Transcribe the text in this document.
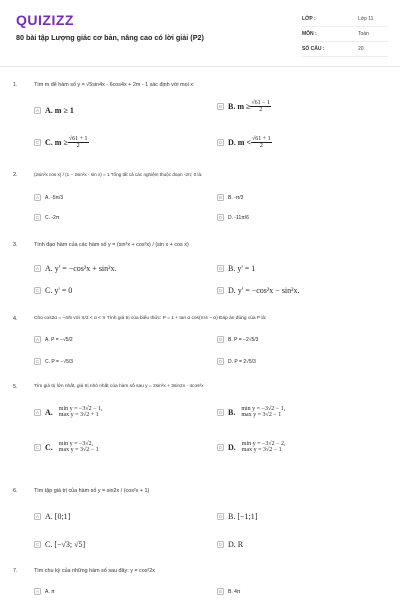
QUIZIZZ
80 bài tập Lượng giác cơ bản, nâng cao có lời giải (P2)
LỚP :	Lớp 11
MÔN :	Toán
SỐ CÂU :	20
1.	Tìm m để hàm số y = √5sin4x - 6cos4x + 2m - 1 xác định với mọi x:
A A. m ≥ 1	B B. $m \ge \frac{√61 - 1}{2}$
C C. $m \ge \frac{√61 + 1}{2}$	D D. $m < \frac{√61 + 1}{2}$
2.	(2sin²x cos x) / (1 − 2sin²x · sin x) = 1 Tổng tất cả các nghiệm thuộc đoạn -2π; 0 là:
A	A. -5π/3	B	B. -π/3
C	C. -2π	D	D. -11π/6
3.	Tính đạo hàm của các hàm số y = (sin³x + cos³x) / (sin x + cos x)
A A. y' = −cos²x + sin²x.	B B. y' = 1
C C. y' = 0	D D. y' = −cos²x − sin²x.
4.	Cho cos2α = −4/5 với π/2 < α < π Tính giá trị của biểu thức: P = 1 + tan α cos(π/4 − α) Đáp án đúng của P là:
A	A. P = −√5/2	B	B. P = −2√5/3
C	C. P = −√5/3	D	D. P = 2√5/3
5.	Tìm giá trị lớn nhất, giá trị nhỏ nhất của hàm số sau y = 2sin²x + 3sin2x - 4cos²x
A A. min y = −3√2 − 1,
max y = 3√2 + 1	B B. min y = −3√2 − 1,
max y = 3√2 − 1
C C. min y = −3√2,
max y = 3√2 − 1	D D. min y = −3√2 − 2,
max y = 3√2 − 1
6.	Tìm tập giá trị của hàm số y = sin2x / (cos²x + 1)
A A. [0;1]	B B. [−1;1]
C C. [−√3; √5]	D D. R
7.	Tìm chu kỳ của những hàm số sau đây: y = cos²2x
A	A. π	B	B. 4π
